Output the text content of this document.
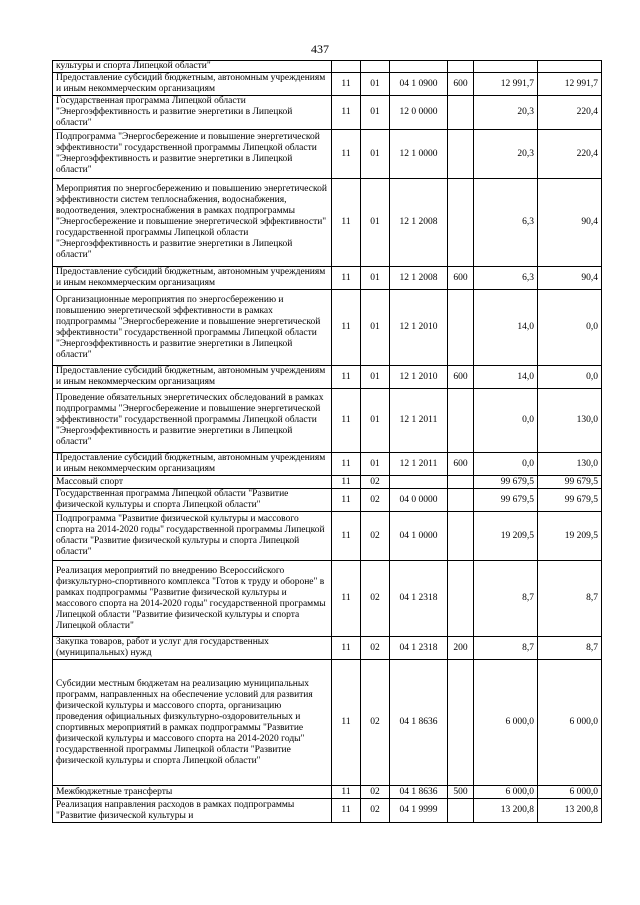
437
культуры и спорта Липецкой области"						
Предоставление субсидий бюджетным, автономным учреждениям и иным некоммерческим организациям	11	01	04 1 0900	600	12 991,7	12 991,7
Государственная программа Липецкой области "Энергоэффективность и развитие энергетики в Липецкой области"	11	01	12 0 0000		20,3	220,4
Подпрограмма "Энергосбережение и повышение энергетической эффективности" государственной программы Липецкой области "Энергоэффективность и развитие энергетики в Липецкой области"	11	01	12 1 0000		20,3	220,4
Мероприятия по энергосбережению и повышению энергетической эффективности систем теплоснабжения, водоснабжения, водоотведения, электроснабжения в рамках подпрограммы "Энергосбережение и повышение энергетической эффективности" государственной программы Липецкой области "Энергоэффективность и развитие энергетики в Липецкой области"	11	01	12 1 2008		6,3	90,4
Предоставление субсидий бюджетным, автономным учреждениям и иным некоммерческим организациям	11	01	12 1 2008	600	6,3	90,4
Организационные мероприятия по энергосбережению и повышению энергетической эффективности в рамках подпрограммы "Энергосбережение и повышение энергетической эффективности" государственной программы Липецкой области "Энергоэффективность и развитие энергетики в Липецкой области"	11	01	12 1 2010		14,0	0,0
Предоставление субсидий бюджетным, автономным учреждениям и иным некоммерческим организациям	11	01	12 1 2010	600	14,0	0,0
Проведение обязательных энергетических обследований в рамках подпрограммы "Энергосбережение и повышение энергетической эффективности" государственной программы Липецкой области "Энергоэффективность и развитие энергетики в Липецкой области"	11	01	12 1 2011		0,0	130,0
Предоставление субсидий бюджетным, автономным учреждениям и иным некоммерческим организациям	11	01	12 1 2011	600	0,0	130,0
Массовый спорт	11	02			99 679,5	99 679,5
Государственная программа Липецкой области "Развитие физической культуры и спорта Липецкой области"	11	02	04 0 0000		99 679,5	99 679,5
Подпрограмма "Развитие физической культуры и массового спорта на 2014-2020 годы" государственной программы Липецкой области "Развитие физической культуры и спорта Липецкой области"	11	02	04 1 0000		19 209,5	19 209,5
Реализация мероприятий по внедрению Всероссийского физкультурно-спортивного комплекса "Готов к труду и обороне" в рамках подпрограммы "Развитие физической культуры и массового спорта на 2014-2020 годы" государственной программы Липецкой области "Развитие физической культуры и спорта Липецкой области"	11	02	04 1 2318		8,7	8,7
Закупка товаров, работ и услуг для государственных (муниципальных) нужд	11	02	04 1 2318	200	8,7	8,7
Субсидии местным бюджетам на реализацию муниципальных программ, направленных на обеспечение условий для развития физической культуры и массового спорта, организацию проведения официальных физкультурно-оздоровительных и спортивных мероприятий в рамках подпрограммы "Развитие физической культуры и массового спорта на 2014-2020 годы" государственной программы Липецкой области "Развитие физической культуры и спорта Липецкой области"	11	02	04 1 8636		6 000,0	6 000,0
Межбюджетные трансферты	11	02	04 1 8636	500	6 000,0	6 000,0
Реализация направления расходов в рамках подпрограммы "Развитие физической культуры и	11	02	04 1 9999		13 200,8	13 200,8
